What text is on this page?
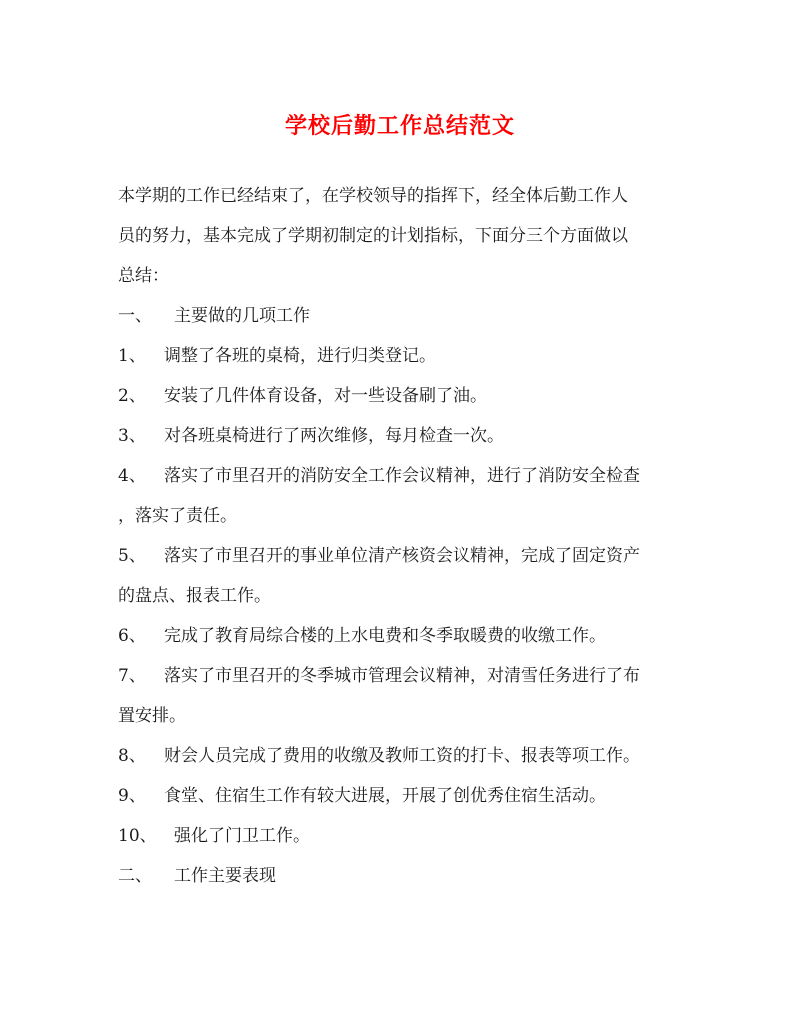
学校后勤工作总结范文

本学期的工作已经结束了，在学校领导的指挥下，经全体后勤工作人

员的努力，基本完成了学期初制定的计划指标，下面分三个方面做以

总结：

一、	主要做的几项工作
1、	调整了各班的桌椅，进行归类登记。
2、	安装了几件体育设备，对一些设备刷了油。
3、	对各班桌椅进行了两次维修，每月检查一次。
4、	落实了市里召开的消防安全工作会议精神，进行了消防安全检查

，落实了责任。

5、	落实了市里召开的事业单位清产核资会议精神，完成了固定资产

的盘点、报表工作。

6、	完成了教育局综合楼的上水电费和冬季取暖费的收缴工作。
7、	落实了市里召开的冬季城市管理会议精神，对清雪任务进行了布

置安排。

8、	财会人员完成了费用的收缴及教师工资的打卡、报表等项工作。
9、	食堂、住宿生工作有较大进展，开展了创优秀住宿生活动。
10、	强化了门卫工作。
二、	工作主要表现
